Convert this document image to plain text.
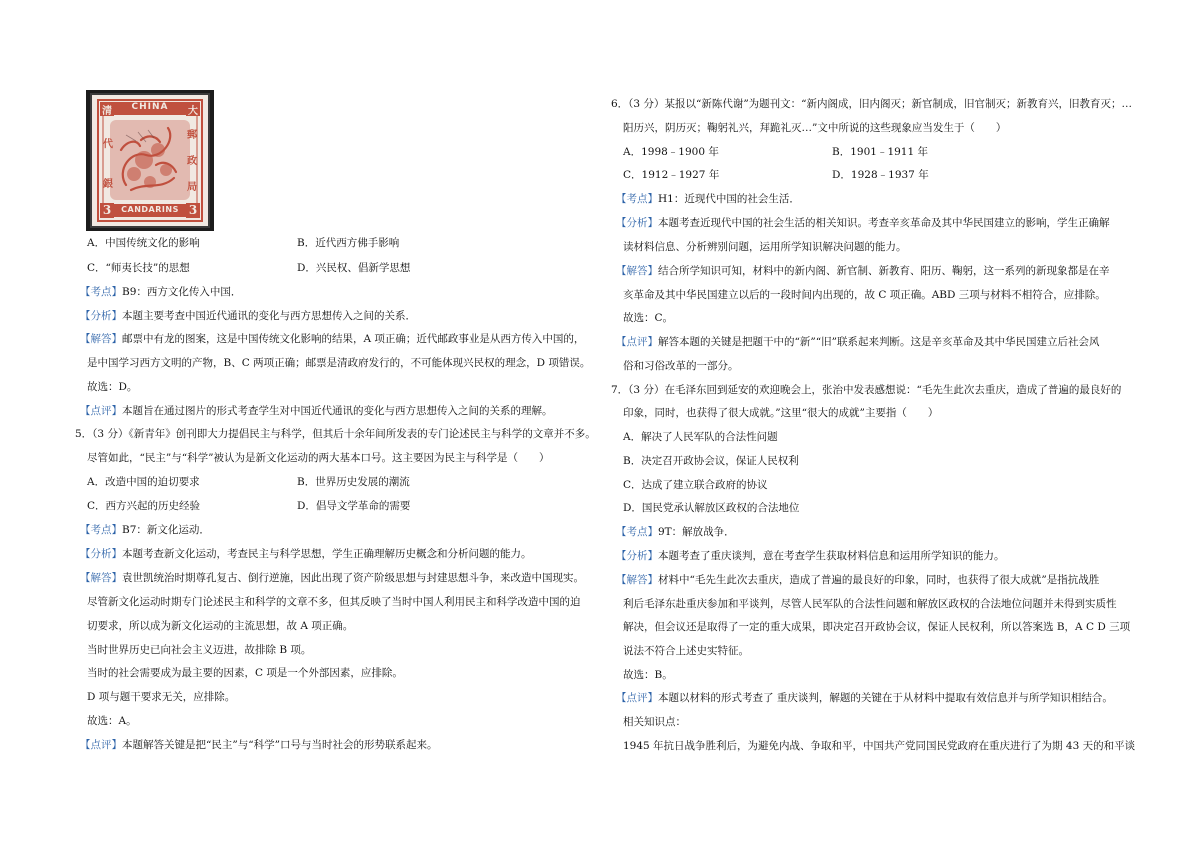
CHINA
CANDARINS
3	3
清
代
銀
大
郵
政
局
A．中国传统文化的影响	B．近代西方佛手影响
C．“师夷长技”的思想	D．兴民权、倡新学思想
【考点】B9：西方文化传入中国．
【分析】本题主要考查中国近代通讯的变化与西方思想传入之间的关系．
【解答】邮票中有龙的图案，这是中国传统文化影响的结果，A 项正确；近代邮政事业是从西方传入中国的，
是中国学习西方文明的产物，B、C 两项正确；邮票是清政府发行的，不可能体现兴民权的理念，D 项错误。
故选：D。
【点评】本题旨在通过图片的形式考查学生对中国近代通讯的变化与西方思想传入之间的关系的理解。
5．（3 分）《新青年》创刊即大力提倡民主与科学，但其后十余年间所发表的专门论述民主与科学的文章并不多。
尽管如此，“民主”与“科学”被认为是新文化运动的两大基本口号。这主要因为民主与科学是（　　）
A．改造中国的迫切要求	B．世界历史发展的潮流
C．西方兴起的历史经验	D．倡导文学革命的需要
【考点】B7：新文化运动．
【分析】本题考查新文化运动，考查民主与科学思想，学生正确理解历史概念和分析问题的能力。
【解答】袁世凯统治时期尊孔复古、倒行逆施，因此出现了资产阶级思想与封建思想斗争，来改造中国现实。
尽管新文化运动时期专门论述民主和科学的文章不多，但其反映了当时中国人利用民主和科学改造中国的迫
切要求，所以成为新文化运动的主流思想，故 A 项正确。
当时世界历史已向社会主义迈进，故排除 B 项。
当时的社会需要成为最主要的因素，C 项是一个外部因素，应排除。
D 项与题干要求无关，应排除。
故选：A。
【点评】本题解答关键是把“民主”与“科学”口号与当时社会的形势联系起来。
6．（3 分）某报以“新陈代谢”为题刊文：“新内阁成，旧内阁灭；新官制成，旧官制灭；新教育兴，旧教育灭；…
阳历兴，阴历灭；鞠躬礼兴，拜跪礼灭…”文中所说的这些现象应当发生于（　　）
A．1998﹣1900 年	B．1901﹣1911 年
C．1912﹣1927 年	D．1928﹣1937 年
【考点】H1：近现代中国的社会生活．
【分析】本题考查近现代中国的社会生活的相关知识。考查辛亥革命及其中华民国建立的影响，学生正确解
读材料信息、分析辨别问题，运用所学知识解决问题的能力。
【解答】结合所学知识可知，材料中的新内阁、新官制、新教育、阳历、鞠躬，这一系列的新现象都是在辛
亥革命及其中华民国建立以后的一段时间内出现的，故 C 项正确。ABD 三项与材料不相符合，应排除。
故选：C。
【点评】解答本题的关键是把题干中的“新”“旧”联系起来判断。这是辛亥革命及其中华民国建立后社会风
俗和习俗改革的一部分。
7．（3 分）在毛泽东回到延安的欢迎晚会上，张治中发表感想说：“毛先生此次去重庆，造成了普遍的最良好的
印象，同时，也获得了很大成就。”这里“很大的成就”主要指（　　）
A．解决了人民军队的合法性问题
B．决定召开政协会议，保证人民权利
C．达成了建立联合政府的协议
D．国民党承认解放区政权的合法地位
【考点】9T：解放战争．
【分析】本题考查了重庆谈判，意在考查学生获取材料信息和运用所学知识的能力。
【解答】材料中“毛先生此次去重庆，造成了普遍的最良好的印象，同时，也获得了很大成就”是指抗战胜
利后毛泽东赴重庆参加和平谈判，尽管人民军队的合法性问题和解放区政权的合法地位问题并未得到实质性
解决，但会议还是取得了一定的重大成果，即决定召开政协会议，保证人民权利，所以答案选 B，A C D 三项
说法不符合上述史实特征。
故选：B。
【点评】本题以材料的形式考查了 重庆谈判，解题的关键在于从材料中提取有效信息并与所学知识相结合。
相关知识点：
1945 年抗日战争胜利后，为避免内战、争取和平，中国共产党同国民党政府在重庆进行了为期 43 天的和平谈
